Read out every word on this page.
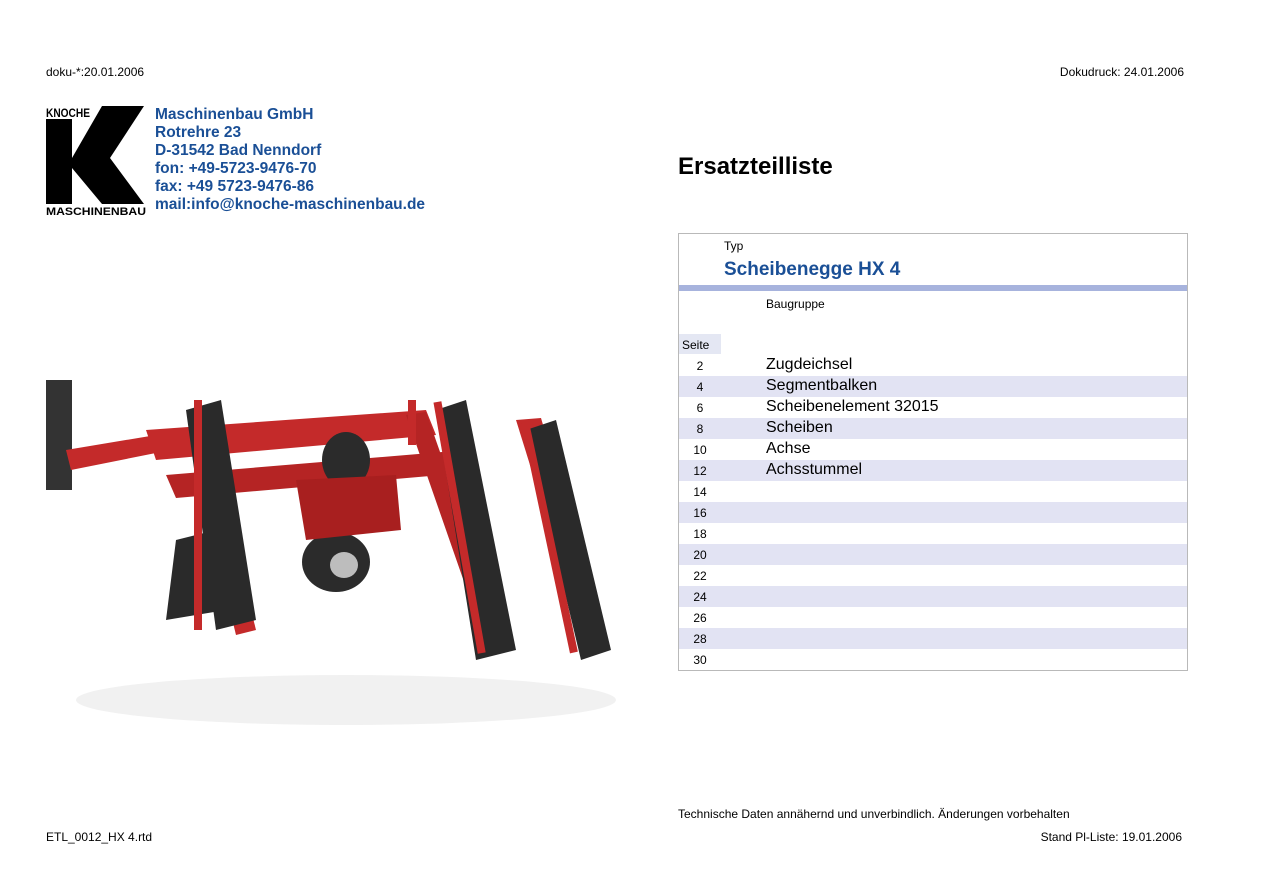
doku-*:20.01.2006	Dokudruck: 24.01.2006
KNOCHE
MASCHINENBAU
Maschinenbau GmbH
Rotrehre 23
D-31542 Bad Nenndorf
fon: +49-5723-9476-70
fax: +49 5723-9476-86
mail:info@knoche-maschinenbau.de
Ersatzteilliste
Typ
Scheibenegge HX 4
Baugruppe
Seite
2	Zugdeichsel
4	Segmentbalken
6	Scheibenelement 32015
8	Scheiben
10	Achse
12	Achsstummel
14
16
18
20
22
24
26
28
30
Technische Daten annähernd und unverbindlich. Änderungen vorbehalten
ETL_0012_HX 4.rtd	Stand Pl-Liste: 19.01.2006
